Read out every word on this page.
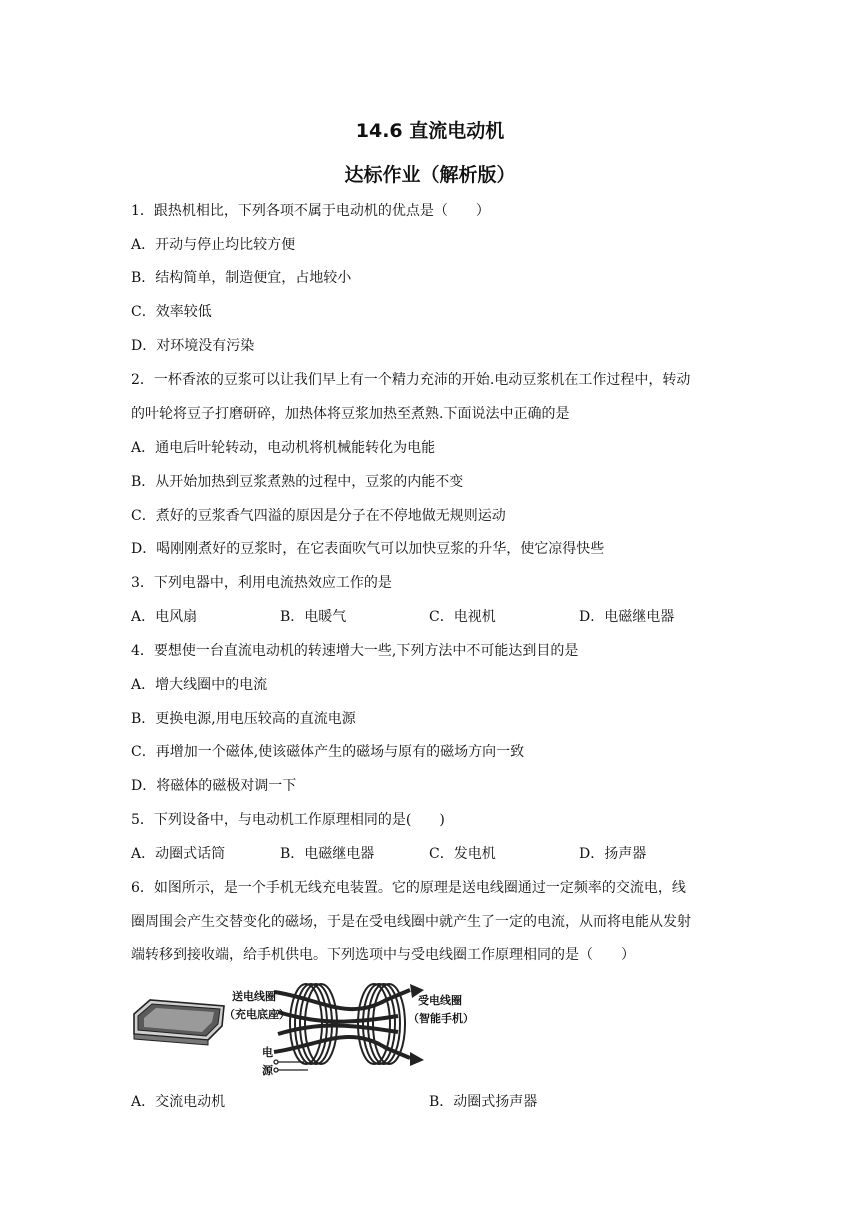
14.6 直流电动机
达标作业（解析版）
1．跟热机相比，下列各项不属于电动机的优点是（　　）
A．开动与停止均比较方便
B．结构简单，制造便宜，占地较小
C．效率较低
D．对环境没有污染
2．一杯香浓的豆浆可以让我们早上有一个精力充沛的开始.电动豆浆机在工作过程中，转动
的叶轮将豆子打磨研碎，加热体将豆浆加热至煮熟.下面说法中正确的是
A．通电后叶轮转动，电动机将机械能转化为电能
B．从开始加热到豆浆煮熟的过程中，豆浆的内能不变
C．煮好的豆浆香气四溢的原因是分子在不停地做无规则运动
D．喝刚刚煮好的豆浆时，在它表面吹气可以加快豆浆的升华，使它凉得快些
3．下列电器中，利用电流热效应工作的是
A．电风扇	B．电暖气	C．电视机	D．电磁继电器
4．要想使一台直流电动机的转速增大一些,下列方法中不可能达到目的是
A．增大线圈中的电流
B．更换电源,用电压较高的直流电源
C．再增加一个磁体,使该磁体产生的磁场与原有的磁场方向一致
D．将磁体的磁极对调一下
5．下列设备中，与电动机工作原理相同的是(　　)
A．动圈式话筒	B．电磁继电器	C．发电机	D．扬声器
6．如图所示，是一个手机无线充电装置。它的原理是送电线圈通过一定频率的交流电，线
圈周围会产生交替变化的磁场，于是在受电线圈中就产生了一定的电流，从而将电能从发射
端转移到接收端，给手机供电。下列选项中与受电线圈工作原理相同的是（　　）
送电线圈
（充电底座）
受电线圈
（智能手机）
电
源
A．交流电动机	B．动圈式扬声器
